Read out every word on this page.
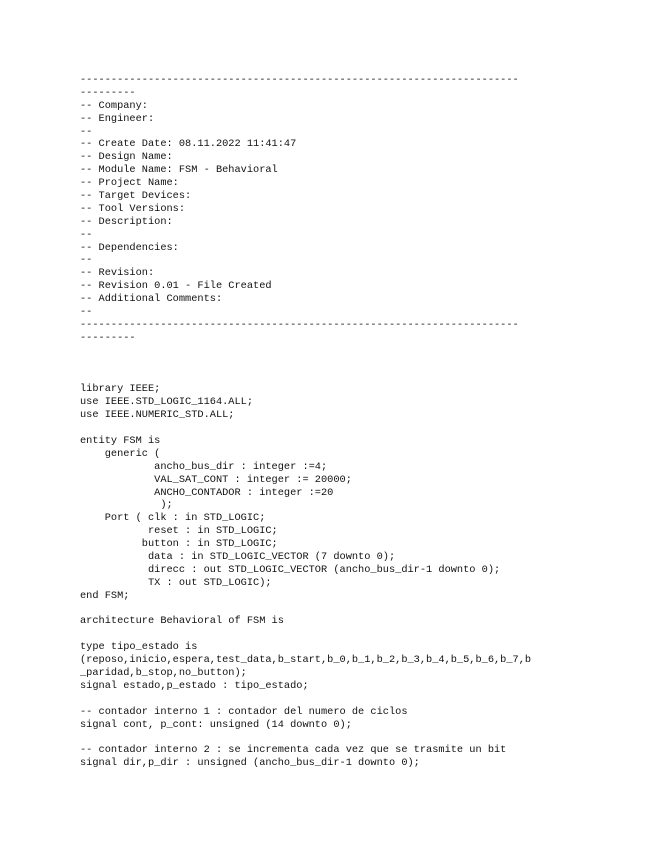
-----------------------------------------------------------------------
---------
-- Company:
-- Engineer:
--
-- Create Date: 08.11.2022 11:41:47
-- Design Name:
-- Module Name: FSM - Behavioral
-- Project Name:
-- Target Devices:
-- Tool Versions:
-- Description:
--
-- Dependencies:
--
-- Revision:
-- Revision 0.01 - File Created
-- Additional Comments:
--
-----------------------------------------------------------------------
---------
library IEEE;
use IEEE.STD_LOGIC_1164.ALL;
use IEEE.NUMERIC_STD.ALL;
entity FSM is
generic (
ancho_bus_dir : integer :=4;
VAL_SAT_CONT : integer := 20000;
ANCHO_CONTADOR : integer :=20
);
Port ( clk : in STD_LOGIC;
reset : in STD_LOGIC;
button : in STD_LOGIC;
data : in STD_LOGIC_VECTOR (7 downto 0);
direcc : out STD_LOGIC_VECTOR (ancho_bus_dir-1 downto 0);
TX : out STD_LOGIC);
end FSM;
architecture Behavioral of FSM is
type tipo_estado is
(reposo,inicio,espera,test_data,b_start,b_0,b_1,b_2,b_3,b_4,b_5,b_6,b_7,b
_paridad,b_stop,no_button);
signal estado,p_estado : tipo_estado;
-- contador interno 1 : contador del numero de ciclos
signal cont, p_cont: unsigned (14 downto 0);
-- contador interno 2 : se incrementa cada vez que se trasmite un bit
signal dir,p_dir : unsigned (ancho_bus_dir-1 downto 0);
